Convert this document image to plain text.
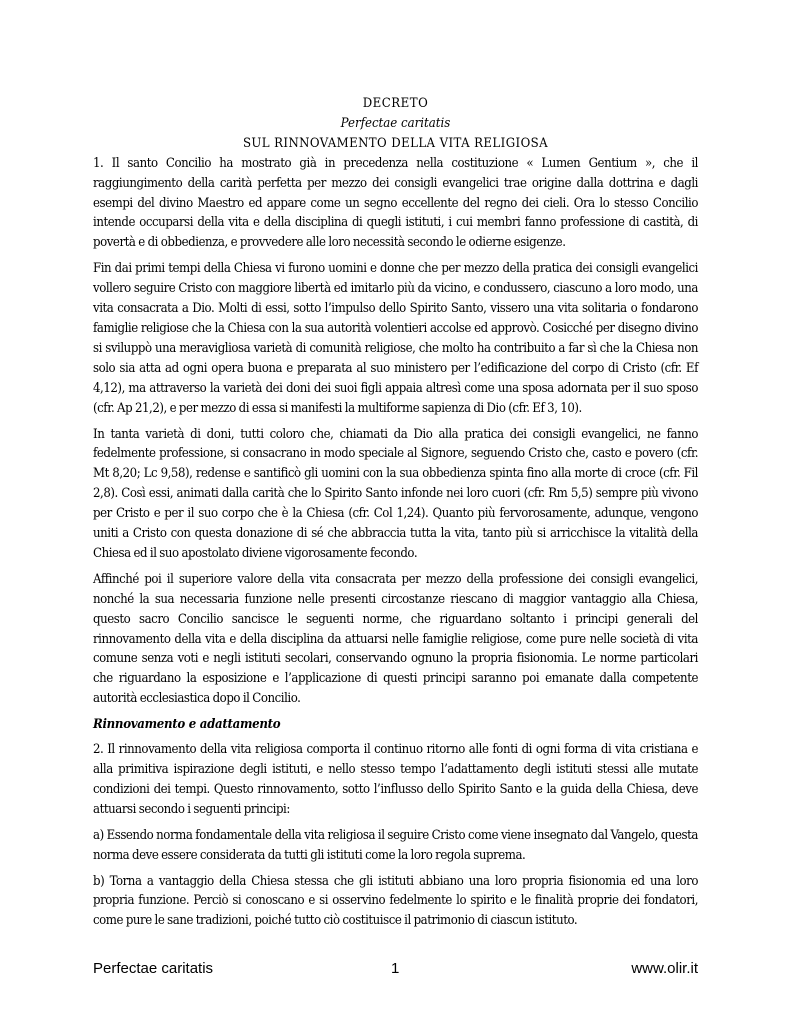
DECRETO

Perfectae caritatis

SUL RINNOVAMENTO DELLA VITA RELIGIOSA

1. Il santo Concilio ha mostrato già in precedenza nella costituzione « Lumen Gentium », che il raggiungimento della carità perfetta per mezzo dei consigli evangelici trae origine dalla dottrina e dagli esempi del divino Maestro ed appare come un segno eccellente del regno dei cieli. Ora lo stesso Concilio intende occuparsi della vita e della disciplina di quegli istituti, i cui membri fanno professione di castità, di povertà e di obbedienza, e provvedere alle loro necessità secondo le odierne esigenze.

Fin dai primi tempi della Chiesa vi furono uomini e donne che per mezzo della pratica dei consigli evangelici vollero seguire Cristo con maggiore libertà ed imitarlo più da vicino, e condussero, ciascuno a loro modo, una vita consacrata a Dio. Molti di essi, sotto l’impulso dello Spirito Santo, vissero una vita solitaria o fondarono famiglie religiose che la Chiesa con la sua autorità volentieri accolse ed approvò. Cosicché per disegno divino si sviluppò una meravigliosa varietà di comunità religiose, che molto ha contribuito a far sì che la Chiesa non solo sia atta ad ogni opera buona e preparata al suo ministero per l’edificazione del corpo di Cristo (cfr. Ef 4,12), ma attraverso la varietà dei doni dei suoi figli appaia altresì come una sposa adornata per il suo sposo (cfr. Ap 21,2), e per mezzo di essa si manifesti la multiforme sapienza di Dio (cfr. Ef 3, 10).

In tanta varietà di doni, tutti coloro che, chiamati da Dio alla pratica dei consigli evangelici, ne fanno fedelmente professione, si consacrano in modo speciale al Signore, seguendo Cristo che, casto e povero (cfr. Mt 8,20; Lc 9,58), redense e santificò gli uomini con la sua obbedienza spinta fino alla morte di croce (cfr. Fil 2,8). Così essi, animati dalla carità che lo Spirito Santo infonde nei loro cuori (cfr. Rm 5,5) sempre più vivono per Cristo e per il suo corpo che è la Chiesa (cfr. Col 1,24). Quanto più fervorosamente, adunque, vengono uniti a Cristo con questa donazione di sé che abbraccia tutta la vita, tanto più si arricchisce la vitalità della Chiesa ed il suo apostolato diviene vigorosamente fecondo.

Affinché poi il superiore valore della vita consacrata per mezzo della professione dei consigli evangelici, nonché la sua necessaria funzione nelle presenti circostanze riescano di maggior vantaggio alla Chiesa, questo sacro Concilio sancisce le seguenti norme, che riguardano soltanto i principi generali del rinnovamento della vita e della disciplina da attuarsi nelle famiglie religiose, come pure nelle società di vita comune senza voti e negli istituti secolari, conservando ognuno la propria fisionomia. Le norme particolari che riguardano la esposizione e l’applicazione di questi principi saranno poi emanate dalla competente autorità ecclesiastica dopo il Concilio.

Rinnovamento e adattamento

2. Il rinnovamento della vita religiosa comporta il continuo ritorno alle fonti di ogni forma di vita cristiana e alla primitiva ispirazione degli istituti, e nello stesso tempo l’adattamento degli istituti stessi alle mutate condizioni dei tempi. Questo rinnovamento, sotto l’influsso dello Spirito Santo e la guida della Chiesa, deve attuarsi secondo i seguenti principi:

a) Essendo norma fondamentale della vita religiosa il seguire Cristo come viene insegnato dal Vangelo, questa norma deve essere considerata da tutti gli istituti come la loro regola suprema.

b) Torna a vantaggio della Chiesa stessa che gli istituti abbiano una loro propria fisionomia ed una loro propria funzione. Perciò si conoscano e si osservino fedelmente lo spirito e le finalità proprie dei fondatori, come pure le sane tradizioni, poiché tutto ciò costituisce il patrimonio di ciascun istituto.

Perfectae caritatis	1	www.olir.it
